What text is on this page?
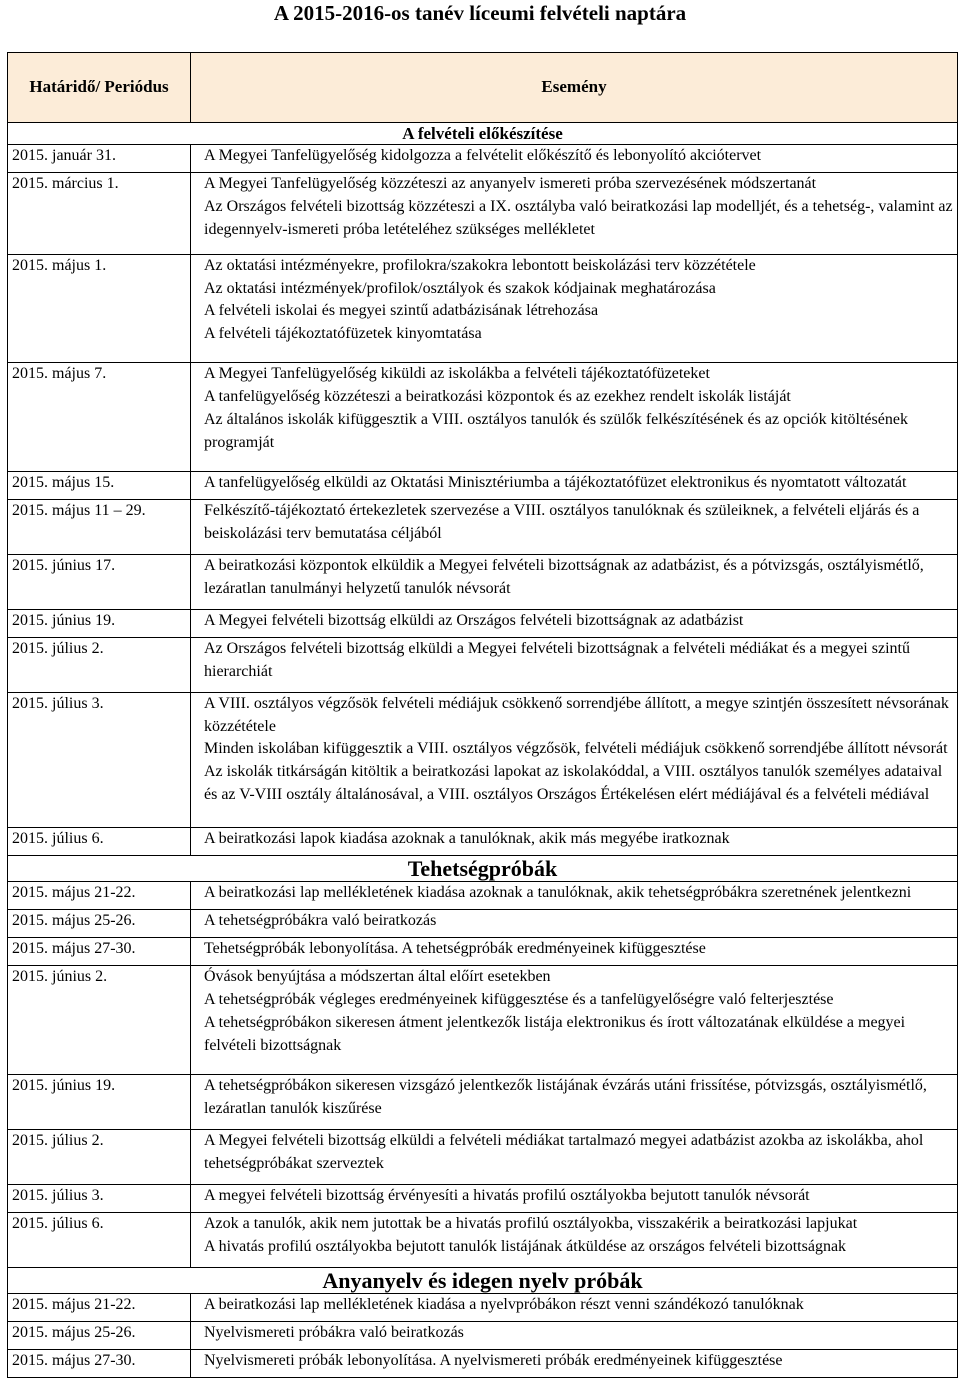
A 2015-2016-os tanév líceumi felvételi naptára
Határidő/ Periódus	Esemény
A felvételi előkészítése	
2015. január 31.	A Megyei Tanfelügyelőség kidolgozza a felvételit előkészítő és lebonyolító akciótervet

2015. március 1.	A Megyei Tanfelügyelőség közzéteszi az anyanyelv ismereti próba szervezésének módszertanát

Az Országos felvételi bizottság közzéteszi a IX. osztályba való beiratkozási lap modelljét, és a tehetség-, valamint az idegennyelv-ismereti próba letételéhez szükséges mellékletet

2015. május 1.	Az oktatási intézményekre, profilokra/szakokra lebontott beiskolázási terv közzététele

Az oktatási intézmények/profilok/osztályok és szakok kódjainak meghatározása

A felvételi iskolai és megyei szintű adatbázisának létrehozása

A felvételi tájékoztatófüzetek kinyomtatása

2015. május 7.	A Megyei Tanfelügyelőség kiküldi az iskolákba a felvételi tájékoztatófüzeteket

A tanfelügyelőség közzéteszi a beiratkozási központok és az ezekhez rendelt iskolák listáját

Az általános iskolák kifüggesztik a VIII. osztályos tanulók és szülők felkészítésének és az opciók kitöltésének programját

2015. május 15.	A tanfelügyelőség elküldi az Oktatási Minisztériumba a tájékoztatófüzet elektronikus és nyomtatott változatát

2015. május 11 – 29.	Felkészítő-tájékoztató értekezletek szervezése a VIII. osztályos tanulóknak és szüleiknek, a felvételi eljárás és a beiskolázási terv bemutatása céljából

2015. június 17.	A beiratkozási központok elküldik a Megyei felvételi bizottságnak az adatbázist, és a pótvizsgás, osztályismétlő, lezáratlan tanulmányi helyzetű tanulók névsorát

2015. június 19.	A Megyei felvételi bizottság elküldi az Országos felvételi bizottságnak az adatbázist

2015. július 2.	Az Országos felvételi bizottság elküldi a Megyei felvételi bizottságnak a felvételi médiákat és a megyei szintű hierarchiát

2015. július 3.	A VIII. osztályos végzősök felvételi médiájuk csökkenő sorrendjébe állított, a megye szintjén összesített névsorának közzététele

Minden iskolában kifüggesztik a VIII. osztályos végzősök, felvételi médiájuk csökkenő sorrendjébe állított névsorát

Az iskolák titkárságán kitöltik a beiratkozási lapokat az iskolakóddal, a VIII. osztályos tanulók személyes adataival és az V-VIII osztály általánosával, a VIII. osztályos Országos Értékelésen elért médiájával és a felvételi médiával

2015. július 6.	A beiratkozási lapok kiadása azoknak a tanulóknak, akik más megyébe iratkoznak

Tehetségpróbák	
2015. május 21-22.	A beiratkozási lap mellékletének kiadása azoknak a tanulóknak, akik tehetségpróbákra szeretnének jelentkezni

2015. május 25-26.	A tehetségpróbákra való beiratkozás

2015. május 27-30.	Tehetségpróbák lebonyolítása. A tehetségpróbák eredményeinek kifüggesztése

2015. június 2.	Óvások benyújtása a módszertan által előírt esetekben

A tehetségpróbák végleges eredményeinek kifüggesztése és a tanfelügyelőségre való felterjesztése

A tehetségpróbákon sikeresen átment jelentkezők listája elektronikus és írott változatának elküldése a megyei felvételi bizottságnak

2015. június 19.	A tehetségpróbákon sikeresen vizsgázó jelentkezők listájának évzárás utáni frissítése, pótvizsgás, osztályismétlő, lezáratlan tanulók kiszűrése

2015. július 2.	A Megyei felvételi bizottság elküldi a felvételi médiákat tartalmazó megyei adatbázist azokba az iskolákba, ahol tehetségpróbákat szerveztek

2015. július 3.	A megyei felvételi bizottság érvényesíti a hivatás profilú osztályokba bejutott tanulók névsorát

2015. július 6.	Azok a tanulók, akik nem jutottak be a hivatás profilú osztályokba, visszakérik a beiratkozási lapjukat

A hivatás profilú osztályokba bejutott tanulók listájának átküldése az országos felvételi bizottságnak

Anyanyelv és idegen nyelv próbák	
2015. május 21-22.	A beiratkozási lap mellékletének kiadása a nyelvpróbákon részt venni szándékozó tanulóknak

2015. május 25-26.	Nyelvismereti próbákra való beiratkozás

2015. május 27-30.	Nyelvismereti próbák lebonyolítása. A nyelvismereti próbák eredményeinek kifüggesztése
